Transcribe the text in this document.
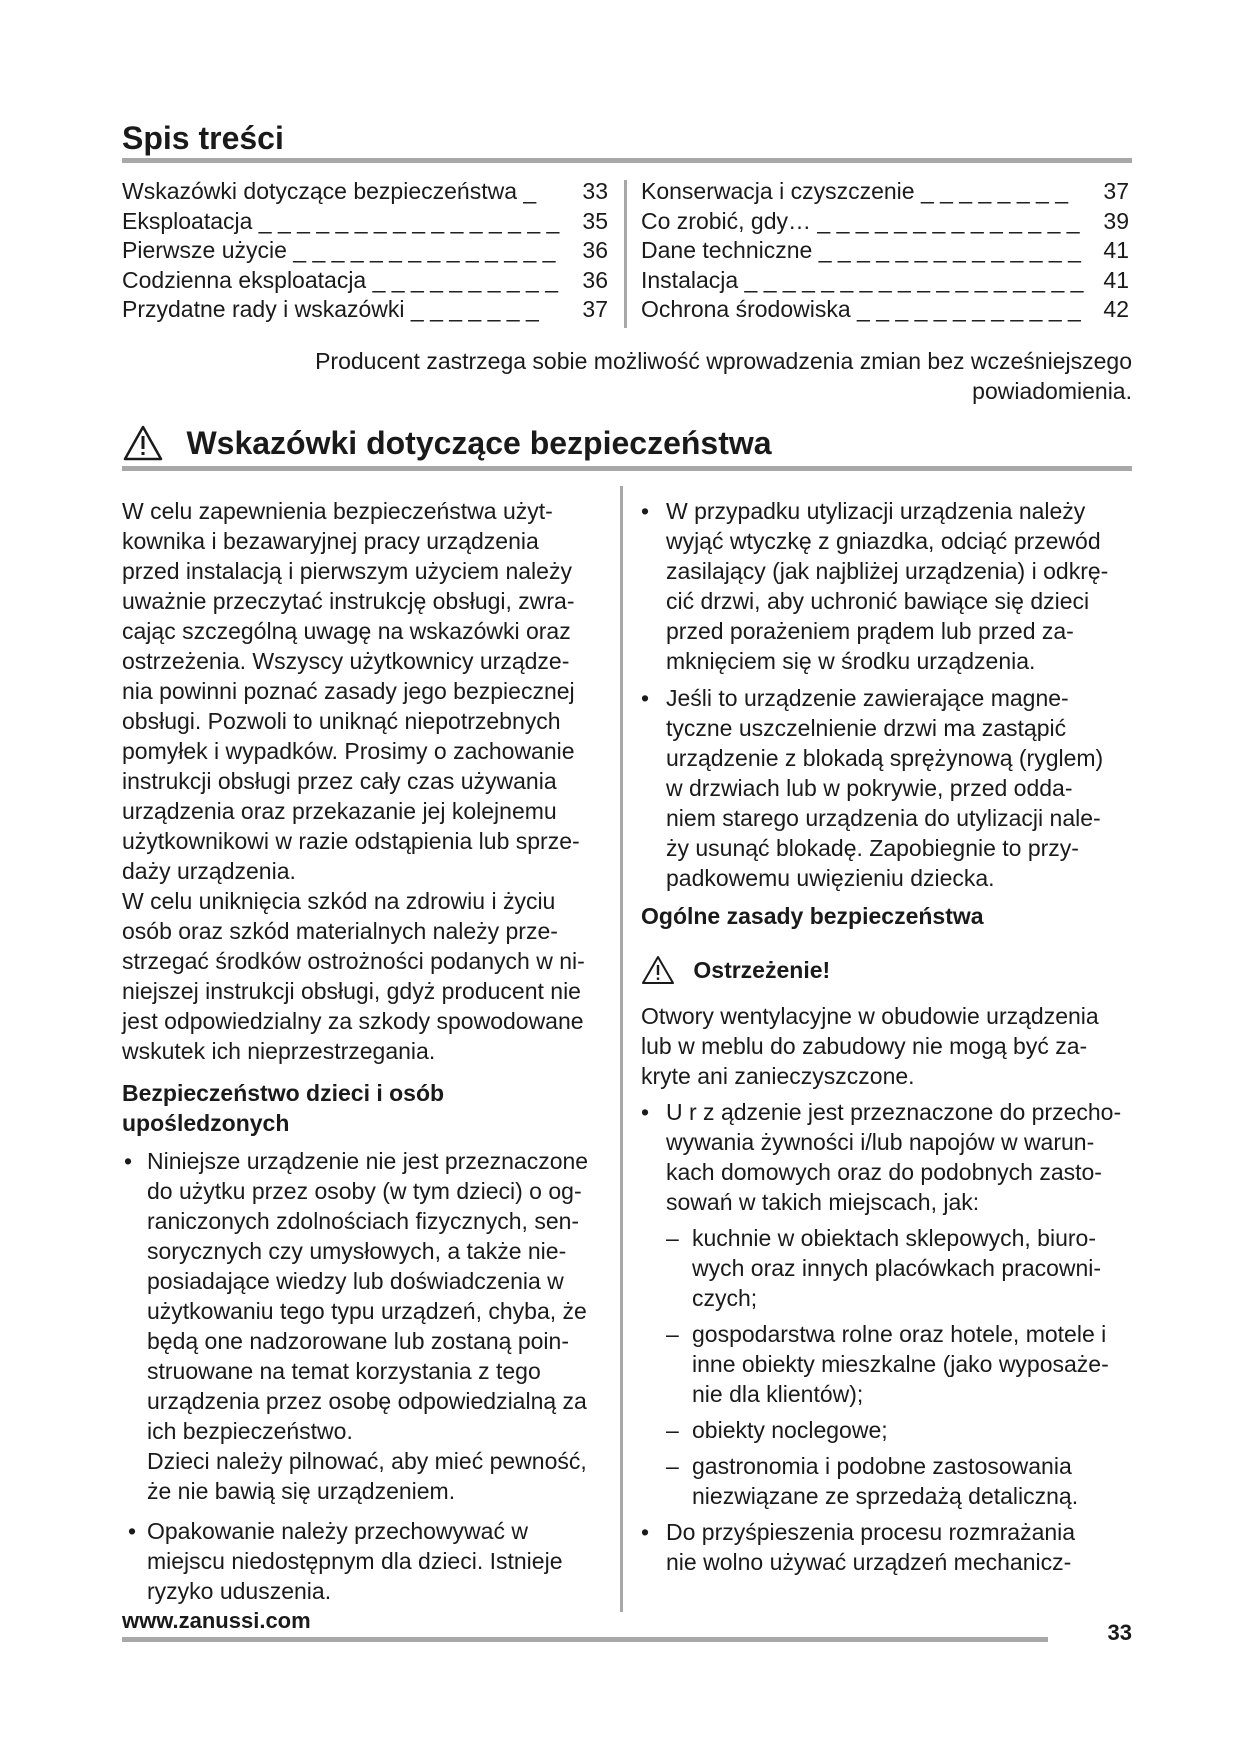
Spis treści
Wskazówki dotyczące bezpieczeństwa _ 33
Eksploatacja _ _ _ _ _ _ _ _ _ _ _ _ _ _ _ _ 35
Pierwsze użycie _ _ _ _ _ _ _ _ _ _ _ _ _ _ 36
Codzienna eksploatacja _ _ _ _ _ _ _ _ _ _ 36
Przydatne rady i wskazówki _ _ _ _ _ _ _ 37
Konserwacja i czyszczenie _ _ _ _ _ _ _ _ 37
Co zrobić, gdy… _ _ _ _ _ _ _ _ _ _ _ _ _ _ 39
Dane techniczne _ _ _ _ _ _ _ _ _ _ _ _ _ _ 41
Instalacja _ _ _ _ _ _ _ _ _ _ _ _ _ _ _ _ _ _ 41
Ochrona środowiska _ _ _ _ _ _ _ _ _ _ _ _ 42
Producent zastrzega sobie możliwość wprowadzenia zmian bez wcześniejszego
powiadomienia.
Wskazówki dotyczące bezpieczeństwa
W celu zapewnienia bezpieczeństwa użyt-
kownika i bezawaryjnej pracy urządzenia
przed instalacją i pierwszym użyciem należy
uważnie przeczytać instrukcję obsługi, zwra-
cając szczególną uwagę na wskazówki oraz
ostrzeżenia. Wszyscy użytkownicy urządze-
nia powinni poznać zasady jego bezpiecznej
obsługi. Pozwoli to uniknąć niepotrzebnych
pomyłek i wypadków. Prosimy o zachowanie
instrukcji obsługi przez cały czas używania
urządzenia oraz przekazanie jej kolejnemu
użytkownikowi w razie odstąpienia lub sprze-
daży urządzenia.
W celu uniknięcia szkód na zdrowiu i życiu
osób oraz szkód materialnych należy prze-
strzegać środków ostrożności podanych w ni-
niejszej instrukcji obsługi, gdyż producent nie
jest odpowiedzialny za szkody spowodowane
wskutek ich nieprzestrzegania.
Bezpieczeństwo dzieci i osób
upośledzonych
• Niniejsze urządzenie nie jest przeznaczone
do użytku przez osoby (w tym dzieci) o og-
raniczonych zdolnościach fizycznych, sen-
sorycznych czy umysłowych, a także nie-
posiadające wiedzy lub doświadczenia w
użytkowaniu tego typu urządzeń, chyba, że
będą one nadzorowane lub zostaną poin-
struowane na temat korzystania z tego
urządzenia przez osobę odpowiedzialną za
ich bezpieczeństwo.
Dzieci należy pilnować, aby mieć pewność,
że nie bawią się urządzeniem.
• Opakowanie należy przechowywać w
miejscu niedostępnym dla dzieci. Istnieje
ryzyko uduszenia.
• W przypadku utylizacji urządzenia należy
wyjąć wtyczkę z gniazdka, odciąć przewód
zasilający (jak najbliżej urządzenia) i odkrę-
cić drzwi, aby uchronić bawiące się dzieci
przed porażeniem prądem lub przed za-
mknięciem się w środku urządzenia.
• Jeśli to urządzenie zawierające magne-
tyczne uszczelnienie drzwi ma zastąpić
urządzenie z blokadą sprężynową (ryglem)
w drzwiach lub w pokrywie, przed odda-
niem starego urządzenia do utylizacji nale-
ży usunąć blokadę. Zapobiegnie to przy-
padkowemu uwięzieniu dziecka.
Ogólne zasady bezpieczeństwa
Ostrzeżenie!
Otwory wentylacyjne w obudowie urządzenia
lub w meblu do zabudowy nie mogą być za-
kryte ani zanieczyszczone.
• U r z ądzenie jest przeznaczone do przecho-
wywania żywności i/lub napojów w warun-
kach domowych oraz do podobnych zasto-
sowań w takich miejscach, jak:
– kuchnie w obiektach sklepowych, biuro-
wych oraz innych placówkach pracowni-
czych;
– gospodarstwa rolne oraz hotele, motele i
inne obiekty mieszkalne (jako wyposaże-
nie dla klientów);
– obiekty noclegowe;
– gastronomia i podobne zastosowania
niezwiązane ze sprzedażą detaliczną.
• Do przyśpieszenia procesu rozmrażania
nie wolno używać urządzeń mechanicz-
www.zanussi.com	33
